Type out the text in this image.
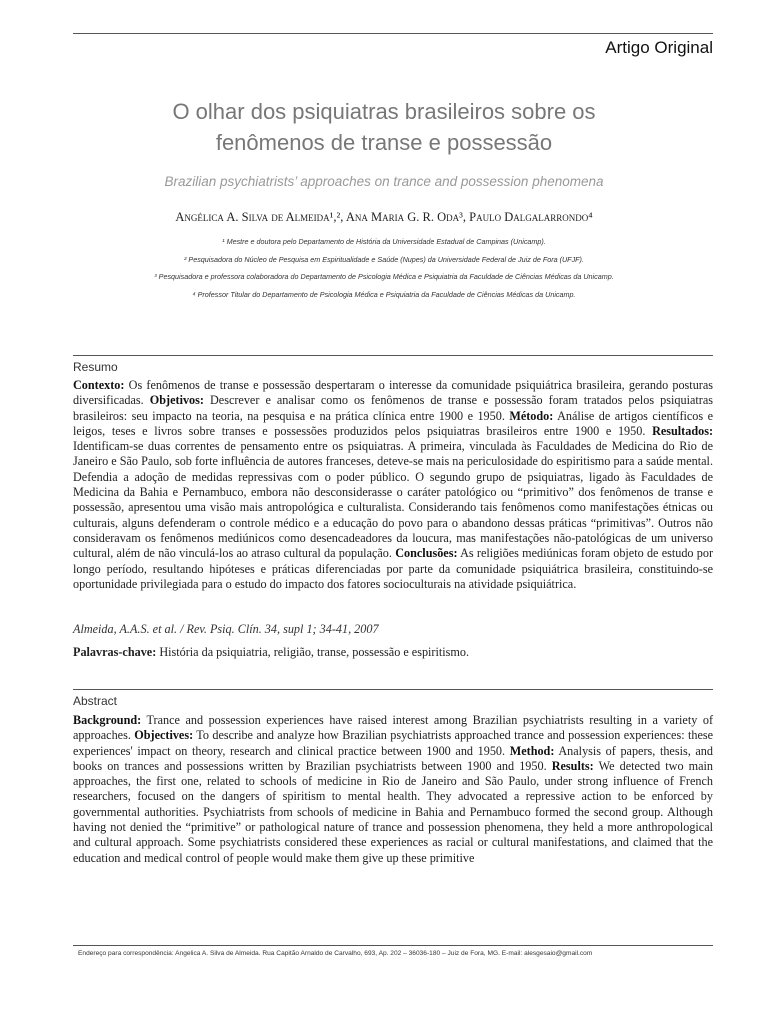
Artigo Original
O olhar dos psiquiatras brasileiros sobre os
fenômenos de transe e possessão
Brazilian psychiatrists’ approaches on trance and possession phenomena
Angélica A. Silva de Almeida¹,², Ana Maria G. R. Oda³, Paulo Dalgalarrondo⁴
¹ Mestre e doutora pelo Departamento de História da Universidade Estadual de Campinas (Unicamp).
² Pesquisadora do Núcleo de Pesquisa em Espiritualidade e Saúde (Nupes) da Universidade Federal de Juiz de Fora (UFJF).
³ Pesquisadora e professora colaboradora do Departamento de Psicologia Médica e Psiquiatria da Faculdade de Ciências Médicas da Unicamp.
⁴ Professor Titular do Departamento de Psicologia Médica e Psiquiatria da Faculdade de Ciências Médicas da Unicamp.
Resumo
Contexto: Os fenômenos de transe e possessão despertaram o interesse da comunidade psiquiátrica brasileira, gerando posturas diversificadas. Objetivos: Descrever e analisar como os fenômenos de transe e possessão foram tratados pelos psiquiatras brasileiros: seu impacto na teoria, na pesquisa e na prática clínica entre 1900 e 1950. Método: Análise de artigos científicos e leigos, teses e livros sobre transes e possessões produzidos pelos psiquiatras brasileiros entre 1900 e 1950. Resultados: Identificam-se duas correntes de pensamento entre os psiquiatras. A primeira, vinculada às Faculdades de Medicina do Rio de Janeiro e São Paulo, sob forte influência de autores franceses, deteve-se mais na periculosidade do espiritismo para a saúde mental. Defendia a adoção de medidas repressivas com o poder público. O segundo grupo de psiquiatras, ligado às Faculdades de Medicina da Bahia e Pernambuco, embora não desconsiderasse o caráter patológico ou “primitivo” dos fenômenos de transe e possessão, apresentou uma visão mais antropológica e culturalista. Considerando tais fenômenos como manifestações étnicas ou culturais, alguns defenderam o controle médico e a educação do povo para o abandono dessas práticas “primitivas”. Outros não consideravam os fenômenos mediúnicos como desencadeadores da loucura, mas manifestações não-patológicas de um universo cultural, além de não vinculá-los ao atraso cultural da população. Conclusões: As religiões mediúnicas foram objeto de estudo por longo período, resultando hipóteses e práticas diferenciadas por parte da comunidade psiquiátrica brasileira, constituindo-se oportunidade privilegiada para o estudo do impacto dos fatores socioculturais na atividade psiquiátrica.
Almeida, A.A.S. et al. / Rev. Psiq. Clín. 34, supl 1; 34-41, 2007
Palavras-chave: História da psiquiatria, religião, transe, possessão e espiritismo.
Abstract
Background: Trance and possession experiences have raised interest among Brazilian psychiatrists resulting in a variety of approaches. Objectives: To describe and analyze how Brazilian psychiatrists approached trance and possession experiences: these experiences' impact on theory, research and clinical practice between 1900 and 1950. Method: Analysis of papers, thesis, and books on trances and possessions written by Brazilian psychiatrists between 1900 and 1950. Results: We detected two main approaches, the first one, related to schools of medicine in Rio de Janeiro and São Paulo, under strong influence of French researchers, focused on the dangers of spiritism to mental health. They advocated a repressive action to be enforced by governmental authorities. Psychiatrists from schools of medicine in Bahia and Pernambuco formed the second group. Although having not denied the “primitive” or pathological nature of trance and possession phenomena, they held a more anthropological and cultural approach. Some psychiatrists considered these experiences as racial or cultural manifestations, and claimed that the education and medical control of people would make them give up these primitive
Endereço para correspondência: Angelica A. Silva de Almeida. Rua Capitão Arnaldo de Carvalho, 693, Ap. 202 – 36036-180 – Juiz de Fora, MG. E-mail: alesgesaio@gmail.com
